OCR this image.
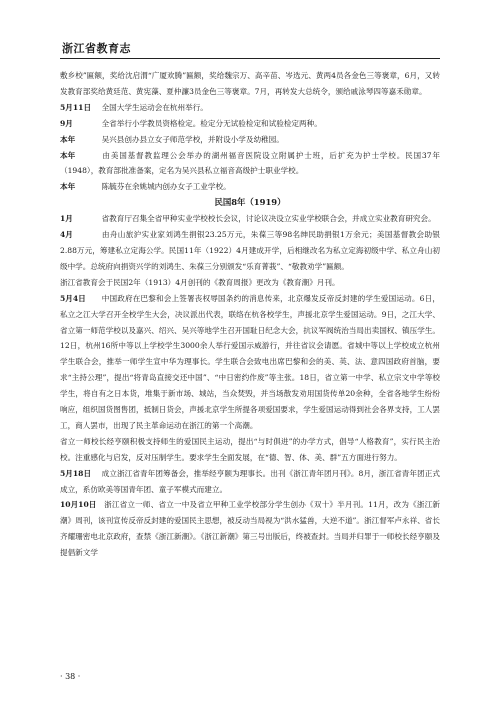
浙江省教育志

敷乡校”匾额，奖给沈启渭“广厦欢腾”匾额，奖给魏宗万、高辛苗、岑选元、黄两4员各金色三等褒章，6月，又转发教育部奖给黄廷范、黄宪藻、夏仲濂3员金色三等褒章。7月，再转发大总统令，颁给戚泳琴四等嘉禾勋章。

5月11日  全国大学生运动会在杭州举行。

9月 	全省举行小学教员资格检定。检定分无试验检定和试验检定两种。

本年 	吴兴县创办县立女子师范学校，并附设小学及幼稚园。

本年 	由美国基督教监理公会举办的湖州福音医院设立附属护士班，后扩充为护士学校。民国37年（1948），教育部批准备案，定名为吴兴县私立福音高级护士职业学校。

本年 	陈毓芬在余姚城内创办女子工业学校。

民国8年（1919）

1月 	省教育厅召集全省甲种实业学校校长会议，讨论议决设立实业学校联合会，并成立实业教育研究会。

4月 	由舟山旅沪实业家刘鸿生捐银23.25万元，朱葆三等98名绅民助捐银1万余元；美国基督教会助银2.88万元，筹建私立定海公学。民国11年（1922）4月建成开学，后相继改名为私立定海初级中学、私立舟山初级中学。总统府向捐资兴学的刘鸿生、朱葆三分别颁发“乐育菁莪”、“敬教劝学”匾额。

浙江省教育会于民国2年（1913）4月创刊的《教育周报》更改为《教育潮》月刊。

5月4日  中国政府在巴黎和会上签署丧权辱国条约的消息传来，北京爆发反帝反封建的学生爱国运动。6日，私立之江大学召开全校学生大会，决议派出代表，联络在杭各校学生，声援北京学生爱国运动。9日，之江大学、省立第一师范学校以及嘉兴、绍兴、吴兴等地学生召开国耻日纪念大会，抗议军阀统治当局出卖国权、镇压学生。12日，杭州16所中等以上学校学生3000余人举行爱国示威游行，并往省议会请愿。省城中等以上学校成立杭州学生联合会，推举一师学生宣中华为理事长。学生联合会致电出席巴黎和会的美、英、法、意四国政府首脑，要求“主持公理”，提出“将青岛直接交还中国”、“中日密约作废”等主张。18日，省立第一中学、私立宗文中学等校学生，将自有之日本货，堆集于新市场、城站，当众焚毁，并当场散发劝用国货传单20余种，全省各地学生纷纷响应，组织国货图售团，抵制日货会，声援北京学生所提各项爱国要求，学生爱国运动得到社会各界支持，工人罢工，商人罢市，出现了民主革命运动在浙江的第一个高潮。

省立一师校长经亨颐积极支持师生的爱国民主运动，提出“与时俱进”的办学方式，倡导“人格教育”，实行民主治校。注重感化与启发，反对压制学生。要求学生全面发展，在“德、智、体、美、群”五方面进行努力。

5月18日  成立浙江省青年团筹备会，推举经亨颐为理事长。出刊《浙江青年团月刊》。8月，浙江省青年团正式成立，系仿欧美等国青年团、童子军模式而建立。

10月10日  浙江省立一师、省立一中及省立甲种工业学校部分学生创办《双十》半月刊。11月，改为《浙江新潮》周刊，该刊宣传反帝反封建的爱国民主思想，被反动当局视为“洪水猛兽，大逆不道”。浙江督军卢永祥、省长齐耀珊密电北京政府，查禁《浙江新潮》。《浙江新潮》第三号出版后，终被查封。当局并归罪于一师校长经亨颐及提倡新文学

· 38 ·
